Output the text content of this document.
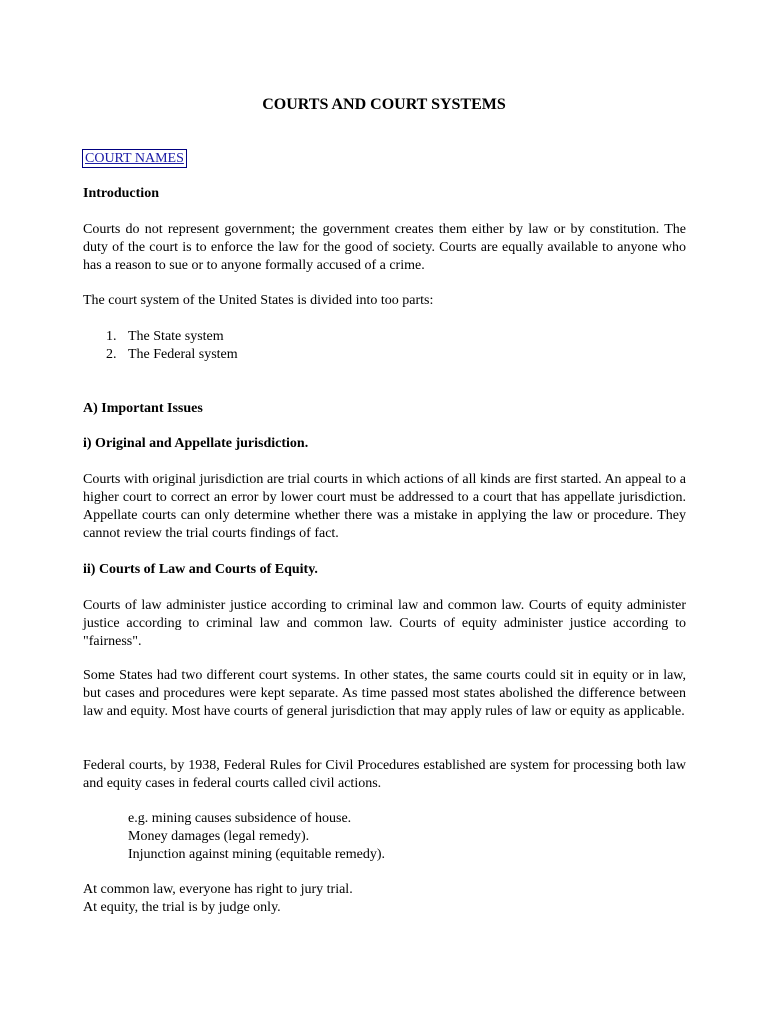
COURTS AND COURT SYSTEMS
COURT NAMES
Introduction
Courts do not represent government; the government creates them either by law or by constitution. The duty of the court is to enforce the law for the good of society. Courts are equally available to anyone who has a reason to sue or to anyone formally accused of a crime.
The court system of the United States is divided into too parts:
1. The State system
2. The Federal system
A) Important Issues
i) Original and Appellate jurisdiction.
Courts with original jurisdiction are trial courts in which actions of all kinds are first started. An appeal to a higher court to correct an error by lower court must be addressed to a court that has appellate jurisdiction. Appellate courts can only determine whether there was a mistake in applying the law or procedure. They cannot review the trial courts findings of fact.
ii) Courts of Law and Courts of Equity.
Courts of law administer justice according to criminal law and common law. Courts of equity administer justice according to criminal law and common law. Courts of equity administer justice according to "fairness".
Some States had two different court systems. In other states, the same courts could sit in equity or in law, but cases and procedures were kept separate. As time passed most states abolished the difference between law and equity. Most have courts of general jurisdiction that may apply rules of law or equity as applicable.
Federal courts, by 1938, Federal Rules for Civil Procedures established are system for processing both law and equity cases in federal courts called civil actions.
e.g. mining causes subsidence of house.
Money damages (legal remedy).
Injunction against mining (equitable remedy).
At common law, everyone has right to jury trial.
At equity, the trial is by judge only.
